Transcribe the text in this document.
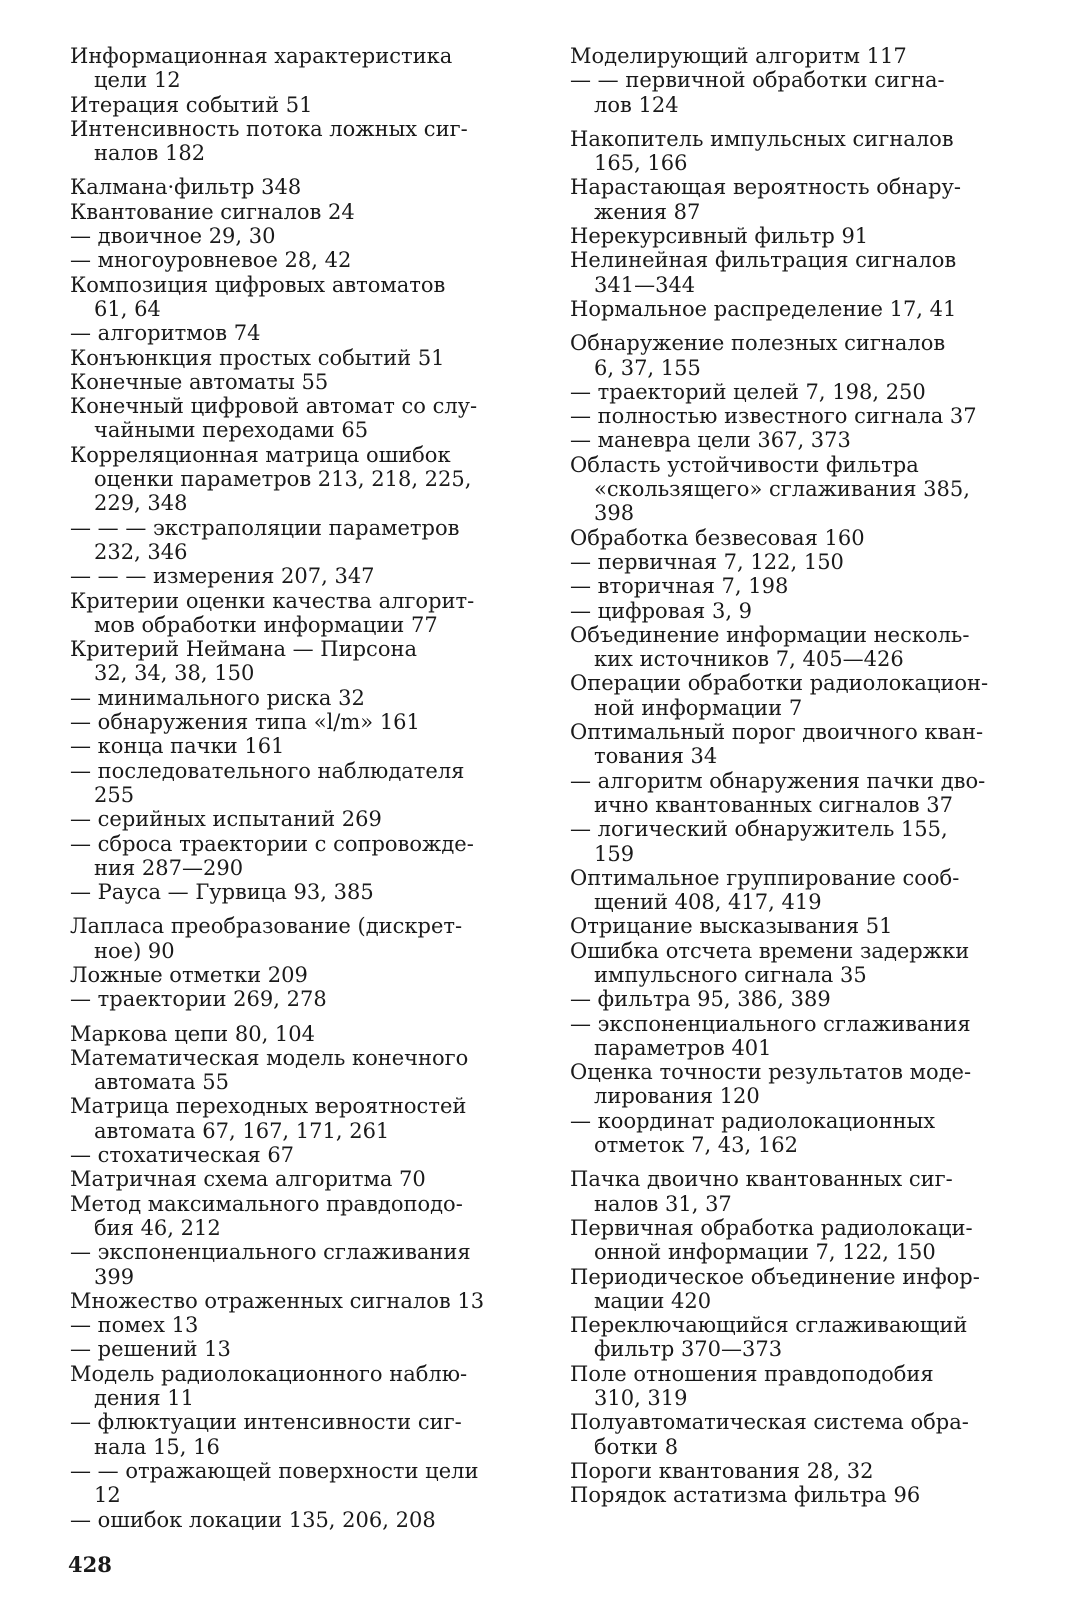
Информационная характеристика
цели 12
Итерация событий 51
Интенсивность потока ложных сиг-
налов 182
Калмана·фильтр 348
Квантование сигналов 24
— двоичное 29, 30
— многоуровневое 28, 42
Композиция цифровых автоматов
61, 64
— алгоритмов 74
Конъюнкция простых событий 51
Конечные автоматы 55
Конечный цифровой автомат со слу-
чайными переходами 65
Корреляционная матрица ошибок
оценки параметров 213, 218, 225,
229, 348
— — — экстраполяции параметров
232, 346
— — — измерения 207, 347
Критерии оценки качества алгорит-
мов обработки информации 77
Критерий Неймана — Пирсона
32, 34, 38, 150
— минимального риска 32
— обнаружения типа «l/m» 161
— конца пачки 161
— последовательного наблюдателя
255
— серийных испытаний 269
— сброса траектории с сопровожде-
ния 287—290
— Рауса — Гурвица 93, 385
Лапласа преобразование (дискрет-
ное) 90
Ложные отметки 209
— траектории 269, 278
Маркова цепи 80, 104
Математическая модель конечного
автомата 55
Матрица переходных вероятностей
автомата 67, 167, 171, 261
— стохатическая 67
Матричная схема алгоритма 70
Метод максимального правдоподо-
бия 46, 212
— экспоненциального сглаживания
399
Множество отраженных сигналов 13
— помех 13
— решений 13
Модель радиолокационного наблю-
дения 11
— флюктуации интенсивности сиг-
нала 15, 16
— — отражающей поверхности цели
12
— ошибок локации 135, 206, 208
Моделирующий алгоритм 117
— — первичной обработки сигна-
лов 124
Накопитель импульсных сигналов
165, 166
Нарастающая вероятность обнару-
жения 87
Нерекурсивный фильтр 91
Нелинейная фильтрация сигналов
341—344
Нормальное распределение 17, 41
Обнаружение полезных сигналов
6, 37, 155
— траекторий целей 7, 198, 250
— полностью известного сигнала 37
— маневра цели 367, 373
Область устойчивости фильтра
«скользящего» сглаживания 385,
398
Обработка безвесовая 160
— первичная 7, 122, 150
— вторичная 7, 198
— цифровая 3, 9
Объединение информации несколь-
ких источников 7, 405—426
Операции обработки радиолокацион-
ной информации 7
Оптимальный порог двоичного кван-
тования 34
— алгоритм обнаружения пачки дво-
ично квантованных сигналов 37
— логический обнаружитель 155,
159
Оптимальное группирование сооб-
щений 408, 417, 419
Отрицание высказывания 51
Ошибка отсчета времени задержки
импульсного сигнала 35
— фильтра 95, 386, 389
— экспоненциального сглаживания
параметров 401
Оценка точности результатов моде-
лирования 120
— координат радиолокационных
отметок 7, 43, 162
Пачка двоично квантованных сиг-
налов 31, 37
Первичная обработка радиолокаци-
онной информации 7, 122, 150
Периодическое объединение инфор-
мации 420
Переключающийся сглаживающий
фильтр 370—373
Поле отношения правдоподобия
310, 319
Полуавтоматическая система обра-
ботки 8
Пороги квантования 28, 32
Порядок астатизма фильтра 96
428
